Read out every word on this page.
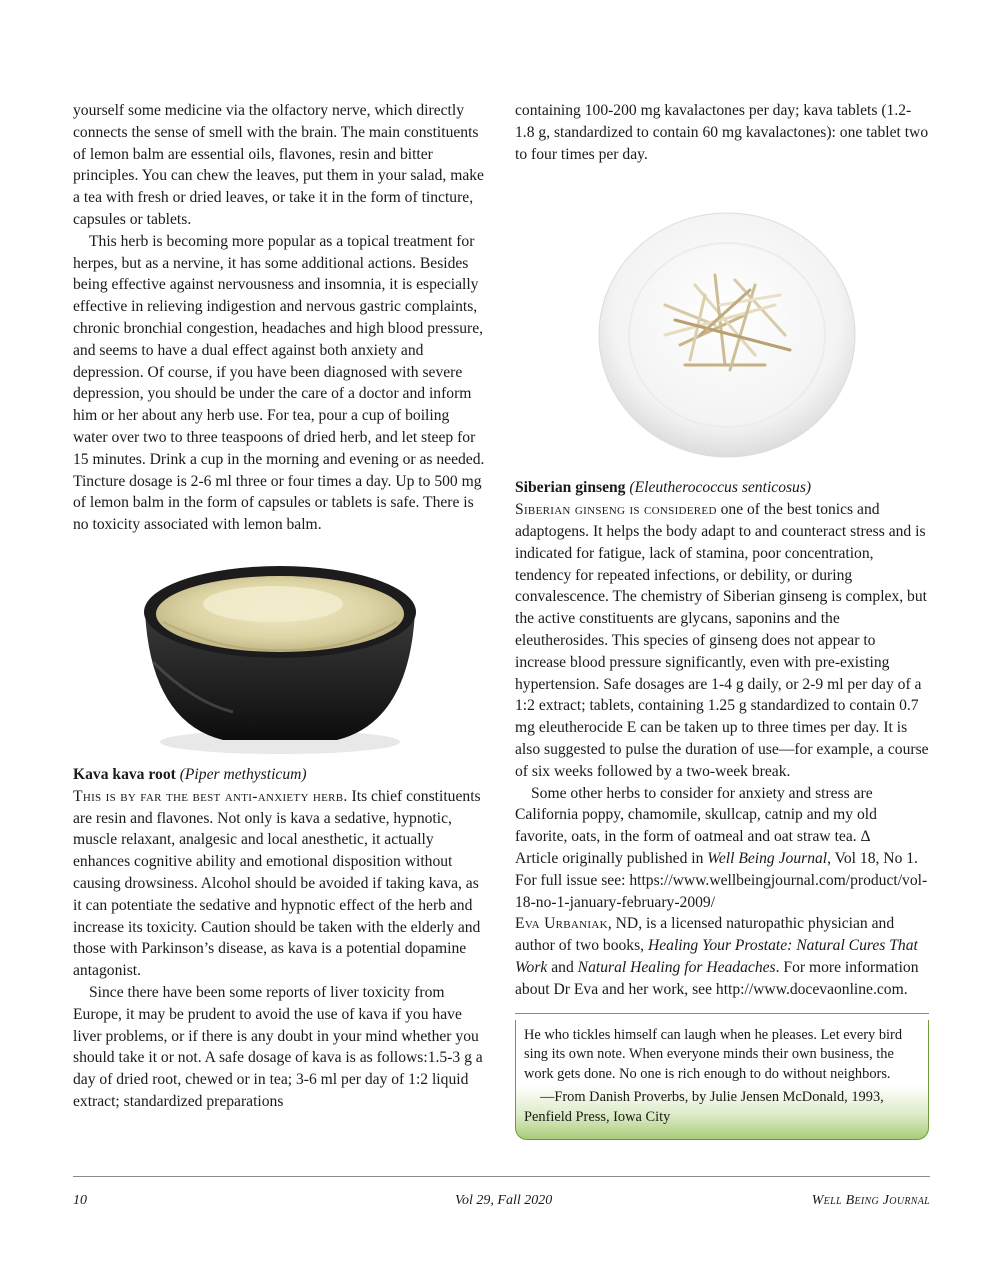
yourself some medicine via the olfactory nerve, which directly connects the sense of smell with the brain. The main constituents of lemon balm are essential oils, flavones, resin and bitter principles. You can chew the leaves, put them in your salad, make a tea with fresh or dried leaves, or take it in the form of tincture, capsules or tablets.

This herb is becoming more popular as a topical treatment for herpes, but as a nervine, it has some additional actions. Besides being effective against nervousness and insomnia, it is especially effective in relieving indigestion and nervous gastric complaints, chronic bronchial congestion, headaches and high blood pressure, and seems to have a dual effect against both anxiety and depression. Of course, if you have been diagnosed with severe depression, you should be under the care of a doctor and inform him or her about any herb use. For tea, pour a cup of boiling water over two to three teaspoons of dried herb, and let steep for 15 minutes. Drink a cup in the morning and evening or as needed. Tincture dosage is 2-6 ml three or four times a day. Up to 500 mg of lemon balm in the form of capsules or tablets is safe. There is no toxicity associated with lemon balm.

Kava kava root (Piper methysticum)

This is by far the best anti-anxiety herb. Its chief constituents are resin and flavones. Not only is kava a sedative, hypnotic, muscle relaxant, analgesic and local anesthetic, it actually enhances cognitive ability and emotional disposition without causing drowsiness. Alcohol should be avoided if taking kava, as it can potentiate the sedative and hypnotic effect of the herb and increase its toxicity. Caution should be taken with the elderly and those with Parkinson’s disease, as kava is a potential dopamine antagonist.

Since there have been some reports of liver toxicity from Europe, it may be prudent to avoid the use of kava if you have liver problems, or if there is any doubt in your mind whether you should take it or not. A safe dosage of kava is as follows:1.5-3 g a day of dried root, chewed or in tea; 3-6 ml per day of 1:2 liquid extract; standardized preparations

containing 100-200 mg kavalactones per day; kava tablets (1.2-1.8 g, standardized to contain 60 mg kavalactones): one tablet two to four times per day.

Siberian ginseng (Eleutherococcus senticosus)

Siberian ginseng is considered one of the best tonics and adaptogens. It helps the body adapt to and counteract stress and is indicated for fatigue, lack of stamina, poor concentration, tendency for repeated infections, or debility, or during convalescence. The chemistry of Siberian ginseng is complex, but the active constituents are glycans, saponins and the eleutherosides. This species of ginseng does not appear to increase blood pressure significantly, even with pre-existing hypertension. Safe dosages are 1-4 g daily, or 2-9 ml per day of a 1:2 extract; tablets, containing 1.25 g standardized to contain 0.7 mg eleutherocide E can be taken up to three times per day. It is also suggested to pulse the duration of use—for example, a course of six weeks followed by a two-week break.

Some other herbs to consider for anxiety and stress are California poppy, chamomile, skullcap, catnip and my old favorite, oats, in the form of oatmeal and oat straw tea. Δ

Article originally published in Well Being Journal, Vol 18, No 1. For full issue see: https://www.wellbeingjournal.com/product/vol-18-no-1-january-february-2009/

Eva Urbaniak, ND, is a licensed naturopathic physician and author of two books, Healing Your Prostate: Natural Cures That Work and Natural Healing for Headaches. For more information about Dr Eva and her work, see http://www.docevaonline.com.

He who tickles himself can laugh when he pleases. Let every bird sing its own note. When everyone minds their own business, the work gets done. No one is rich enough to do without neighbors.

—From Danish Proverbs, by Julie Jensen McDonald, 1993, Penfield Press, Iowa City

10	Vol 29, Fall 2020	Well Being Journal
